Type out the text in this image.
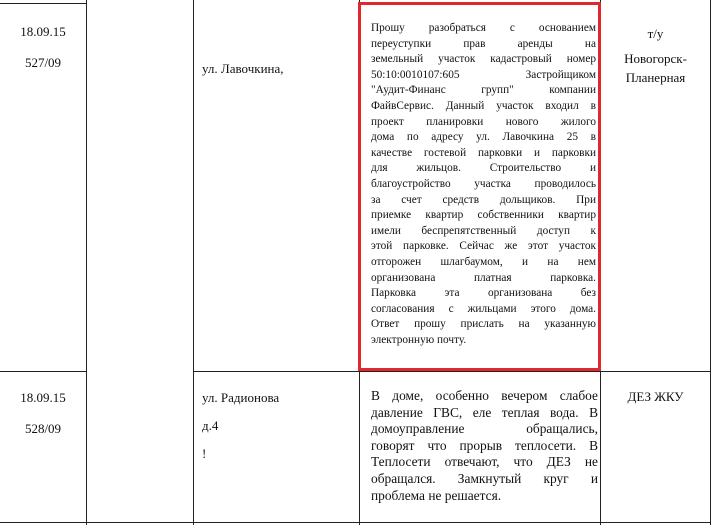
18.09.15
527/09	ул. Лавочкина,
Прошу разобраться с основанием
переуступки прав аренды на
земельный участок кадастровый номер
50:10:0010107:605 Застройщиком
"Аудит-Финанс групп" компании
ФайвСервис. Данный участок входил в
проект планировки нового жилого
дома по адресу ул. Лавочкина 25 в
качестве гостевой парковки и парковки
для жильцов. Строительство и
благоустройство участка проводилось
за счет средств дольщиков. При
приемке квартир собственники квартир
имели беспрепятственный доступ к
этой парковке. Сейчас же этот участок
отгорожен шлагбаумом, и на нем
организована платная парковка.
Парковка эта организована без
согласования с жильцами этого дома.
Ответ прошу прислать на указанную
электронную почту.
т/у
Новогорск-
Планерная
18.09.15
528/09
ул. Радионова
д.4
!
В доме, особенно вечером слабое
давление ГВС, еле теплая вода. В
домоуправление обращались,
говорят что прорыв теплосети. В
Теплосети отвечают, что ДЕЗ не
обращался. Замкнутый круг и
проблема не решается.
ДЕЗ ЖКУ
